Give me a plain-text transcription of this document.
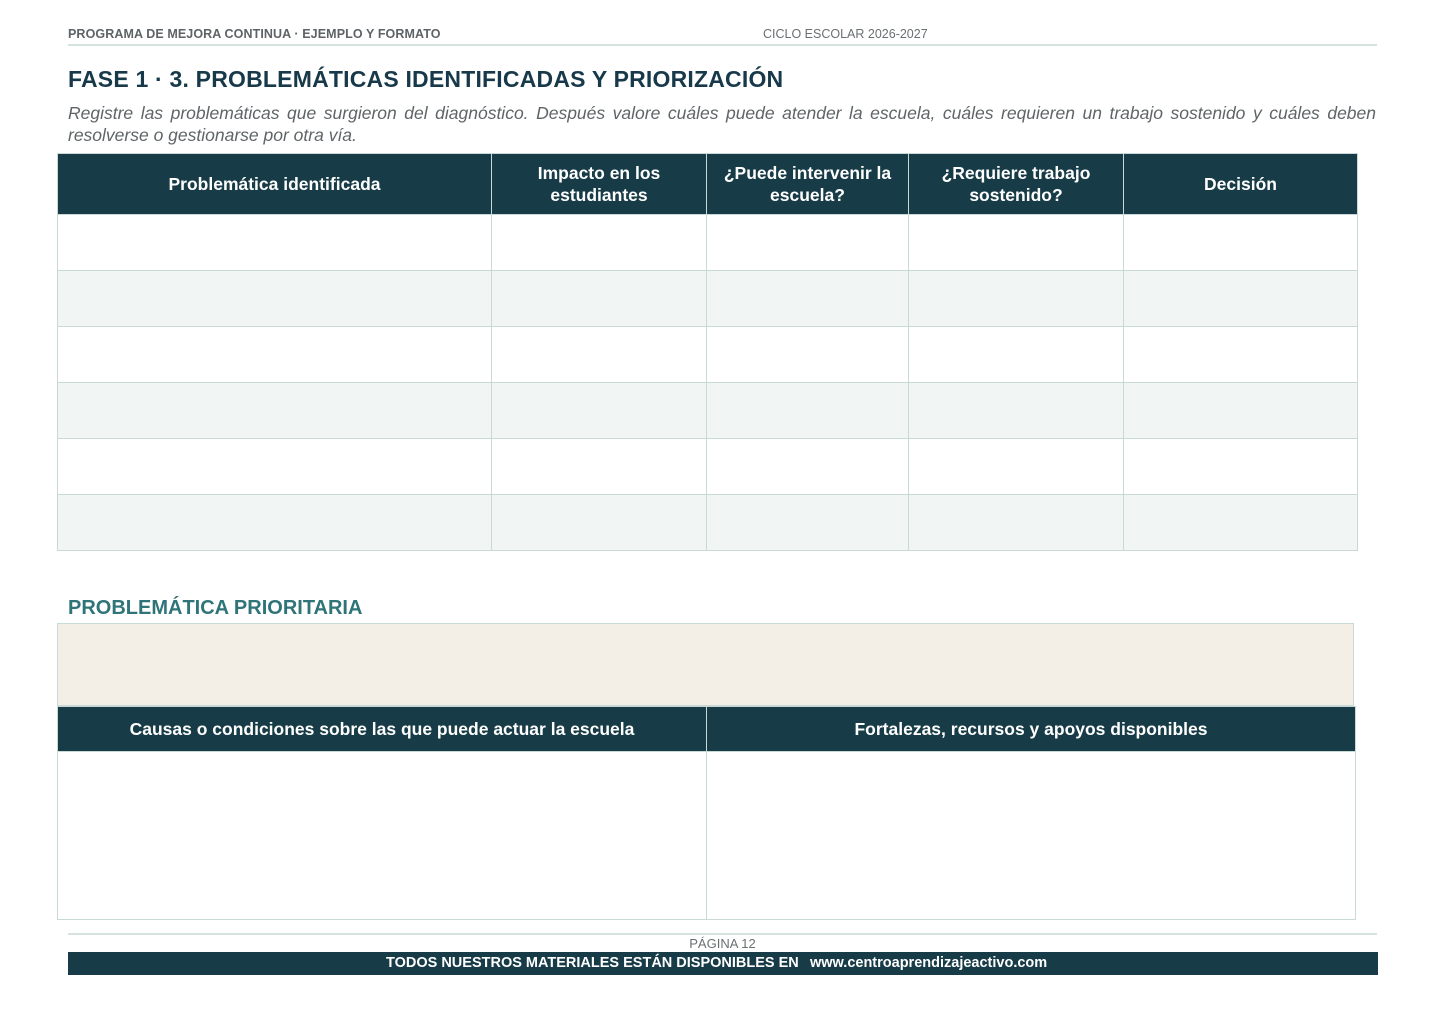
PROGRAMA DE MEJORA CONTINUA · EJEMPLO Y FORMATO	CICLO ESCOLAR 2026-2027
FASE 1 · 3. PROBLEMÁTICAS IDENTIFICADAS Y PRIORIZACIÓN

Registre las problemáticas que surgieron del diagnóstico. Después valore cuáles puede atender la escuela, cuáles requieren un trabajo sostenido y cuáles deben resolverse o gestionarse por otra vía.

Problemática identificada	Impacto en los estudiantes	¿Puede intervenir la escuela?	¿Requiere trabajo sostenido?	Decisión

PROBLEMÁTICA PRIORITARIA
Causas o condiciones sobre las que puede actuar la escuela	Fortalezas, recursos y apoyos disponibles

PÁGINA 12
TODOS NUESTROS MATERIALES ESTÁN DISPONIBLES EN www.centroaprendizajeactivo.com
